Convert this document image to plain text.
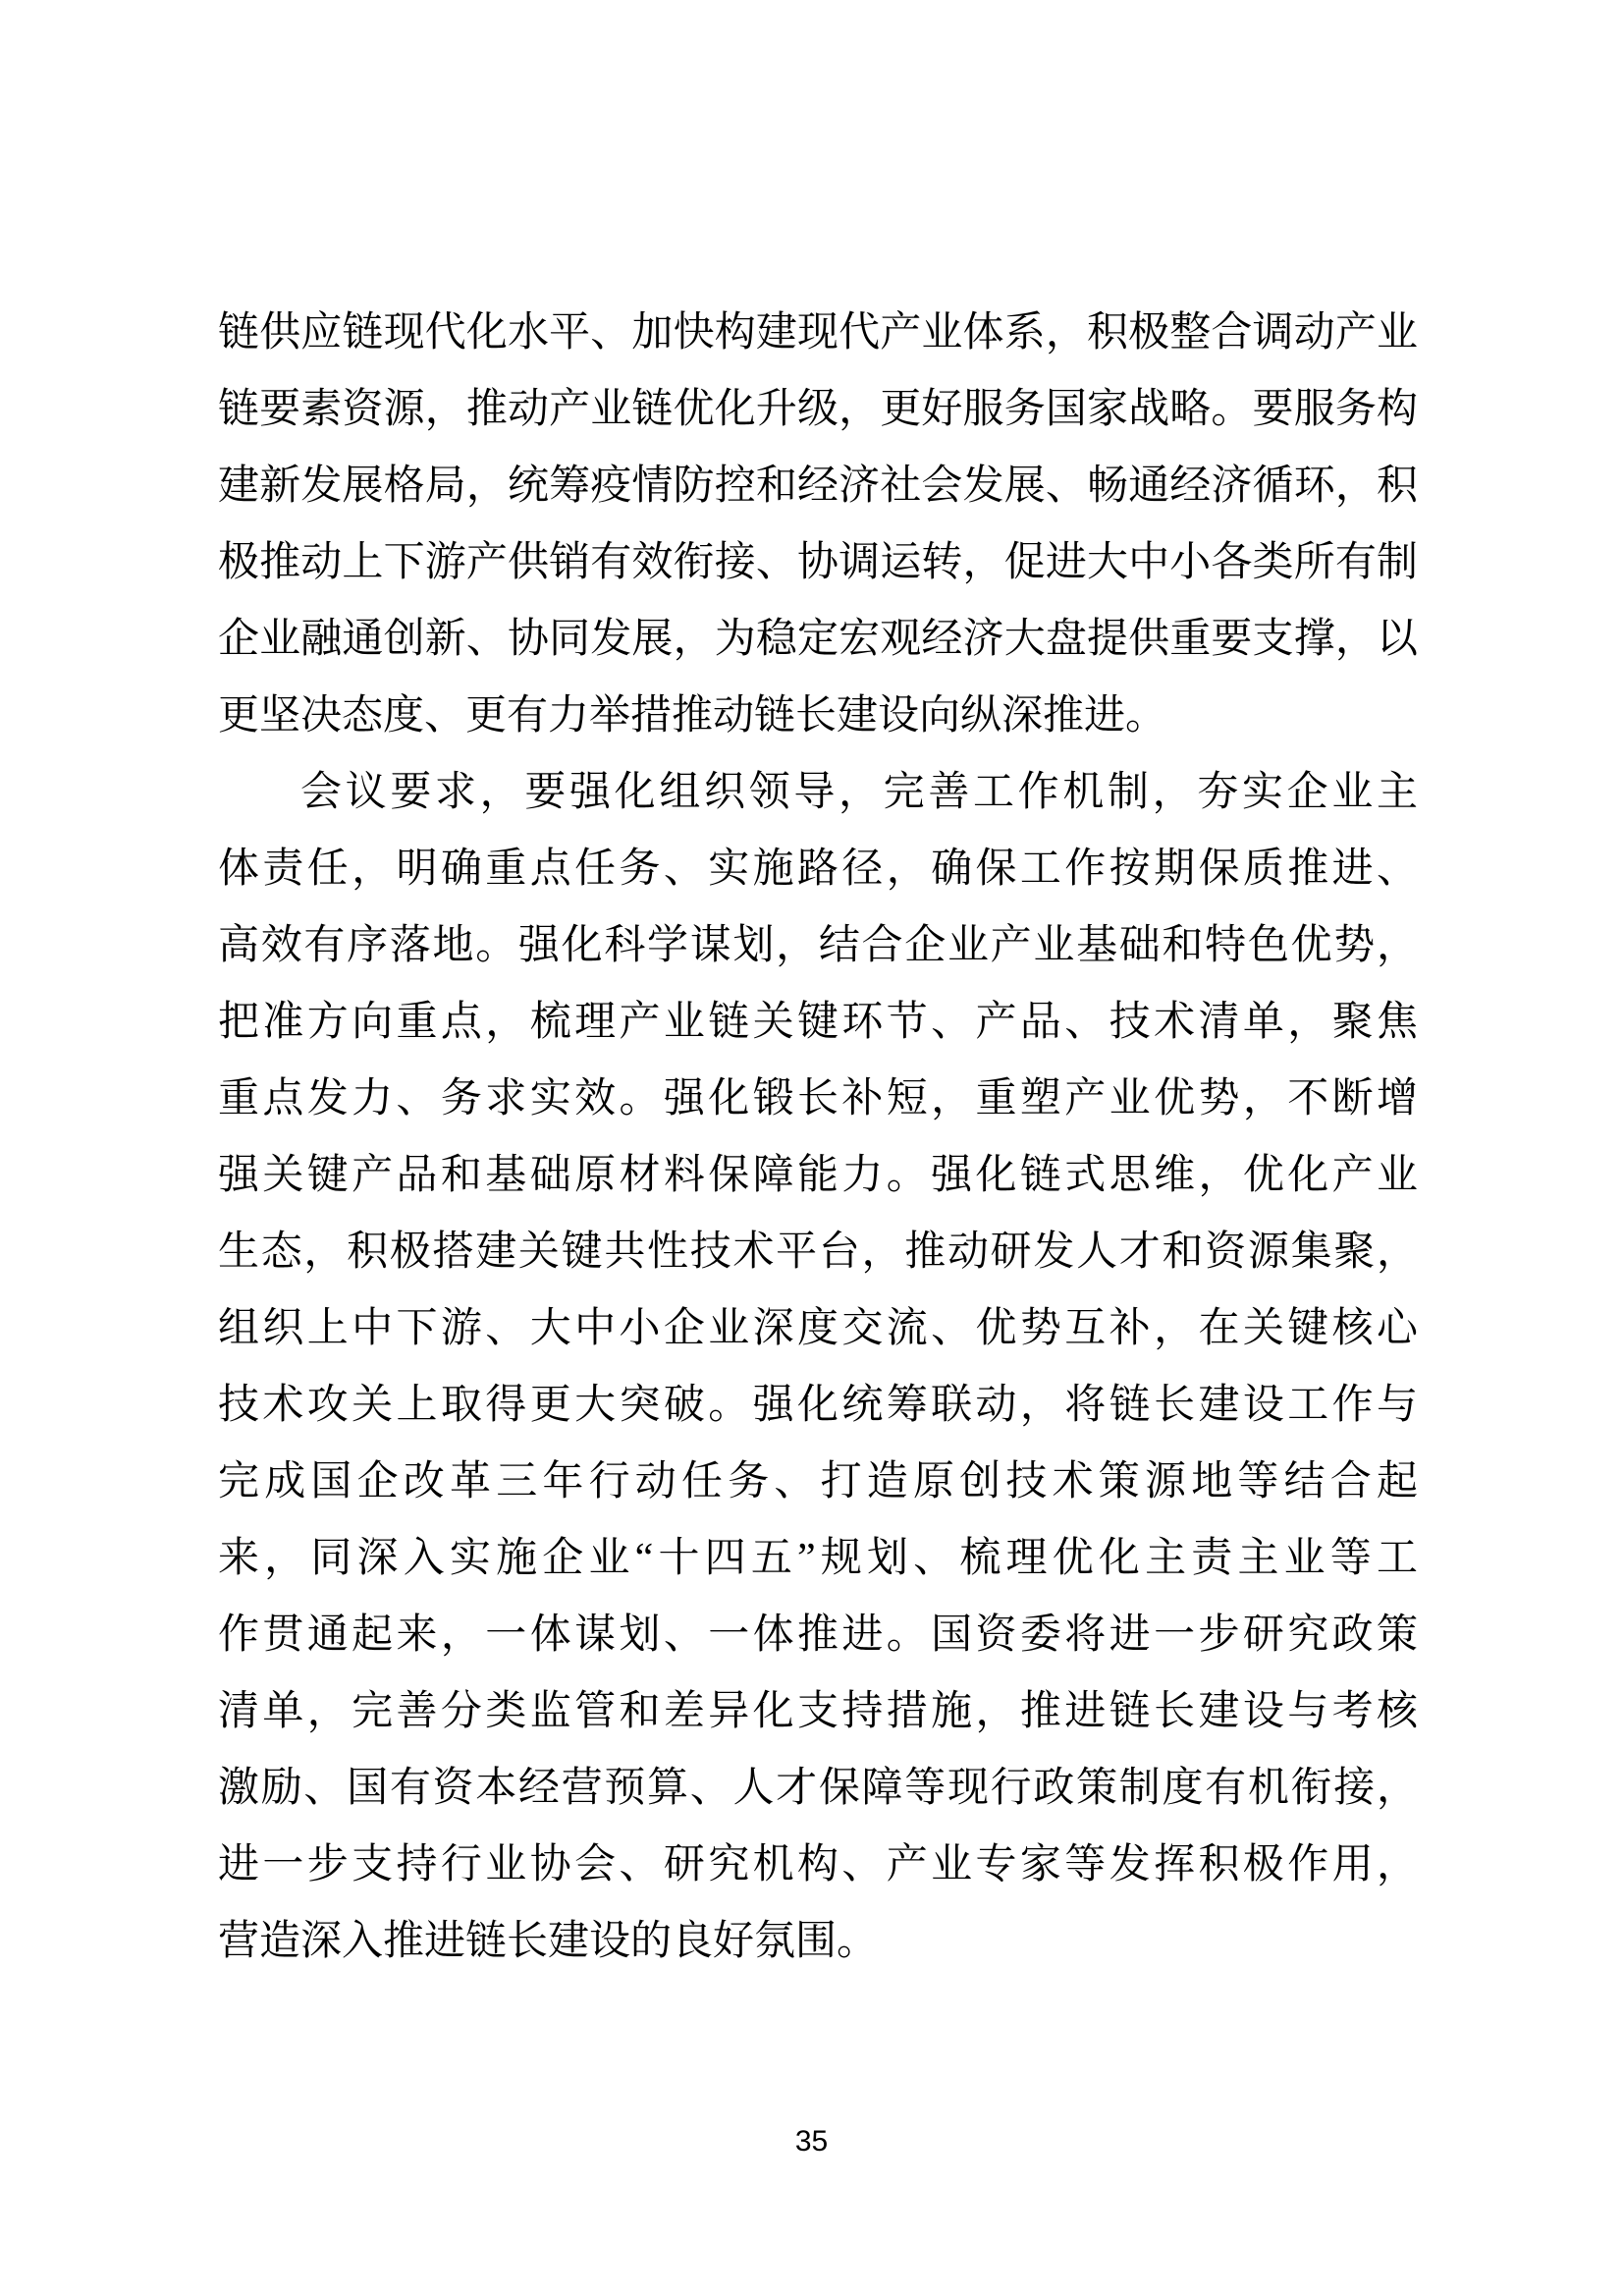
链供应链现代化水平、加快构建现代产业体系，积极整合调动产业
链要素资源，推动产业链优化升级，更好服务国家战略。要服务构
建新发展格局，统筹疫情防控和经济社会发展、畅通经济循环，积
极推动上下游产供销有效衔接、协调运转，促进大中小各类所有制
企业融通创新、协同发展，为稳定宏观经济大盘提供重要支撑，以
更坚决态度、更有力举措推动链长建设向纵深推进。
会议要求，要强化组织领导，完善工作机制，夯实企业主
体责任，明确重点任务、实施路径，确保工作按期保质推进、
高效有序落地。强化科学谋划，结合企业产业基础和特色优势，
把准方向重点，梳理产业链关键环节、产品、技术清单，聚焦
重点发力、务求实效。强化锻长补短，重塑产业优势，不断增
强关键产品和基础原材料保障能力。强化链式思维，优化产业
生态，积极搭建关键共性技术平台，推动研发人才和资源集聚，
组织上中下游、大中小企业深度交流、优势互补，在关键核心
技术攻关上取得更大突破。强化统筹联动，将链长建设工作与
完成国企改革三年行动任务、打造原创技术策源地等结合起
来，同深入实施企业“十四五”规划、梳理优化主责主业等工
作贯通起来，一体谋划、一体推进。国资委将进一步研究政策
清单，完善分类监管和差异化支持措施，推进链长建设与考核
激励、国有资本经营预算、人才保障等现行政策制度有机衔接，
进一步支持行业协会、研究机构、产业专家等发挥积极作用，
营造深入推进链长建设的良好氛围。
35
